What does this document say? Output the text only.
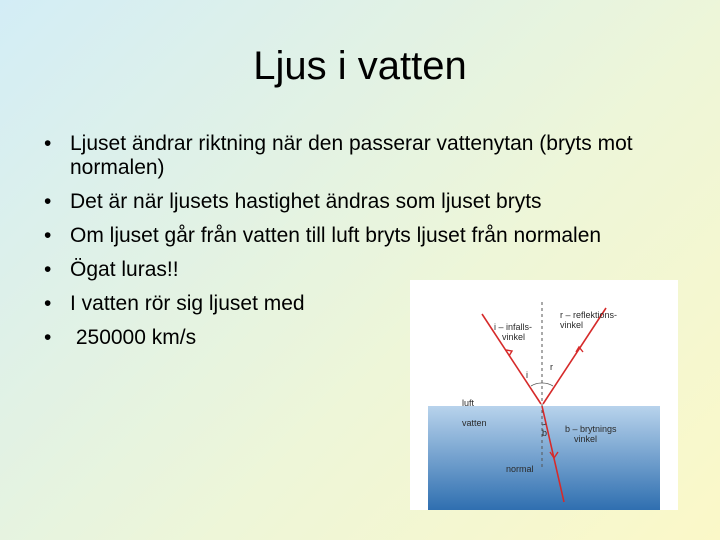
Ljus i vatten
• Ljuset ändrar riktning när den passerar vattenytan (bryts mot normalen)
• Det är när ljusets hastighet ändras som ljuset bryts
• Om ljuset går från vatten till luft bryts ljuset från normalen
• Ögat luras!!
• I vatten rör sig ljuset med
• 250000 km/s
r – reflektions-
vinkel
i – infalls-
vinkel
i
r
luft
vatten
b b – brytnings
vinkel
normal
